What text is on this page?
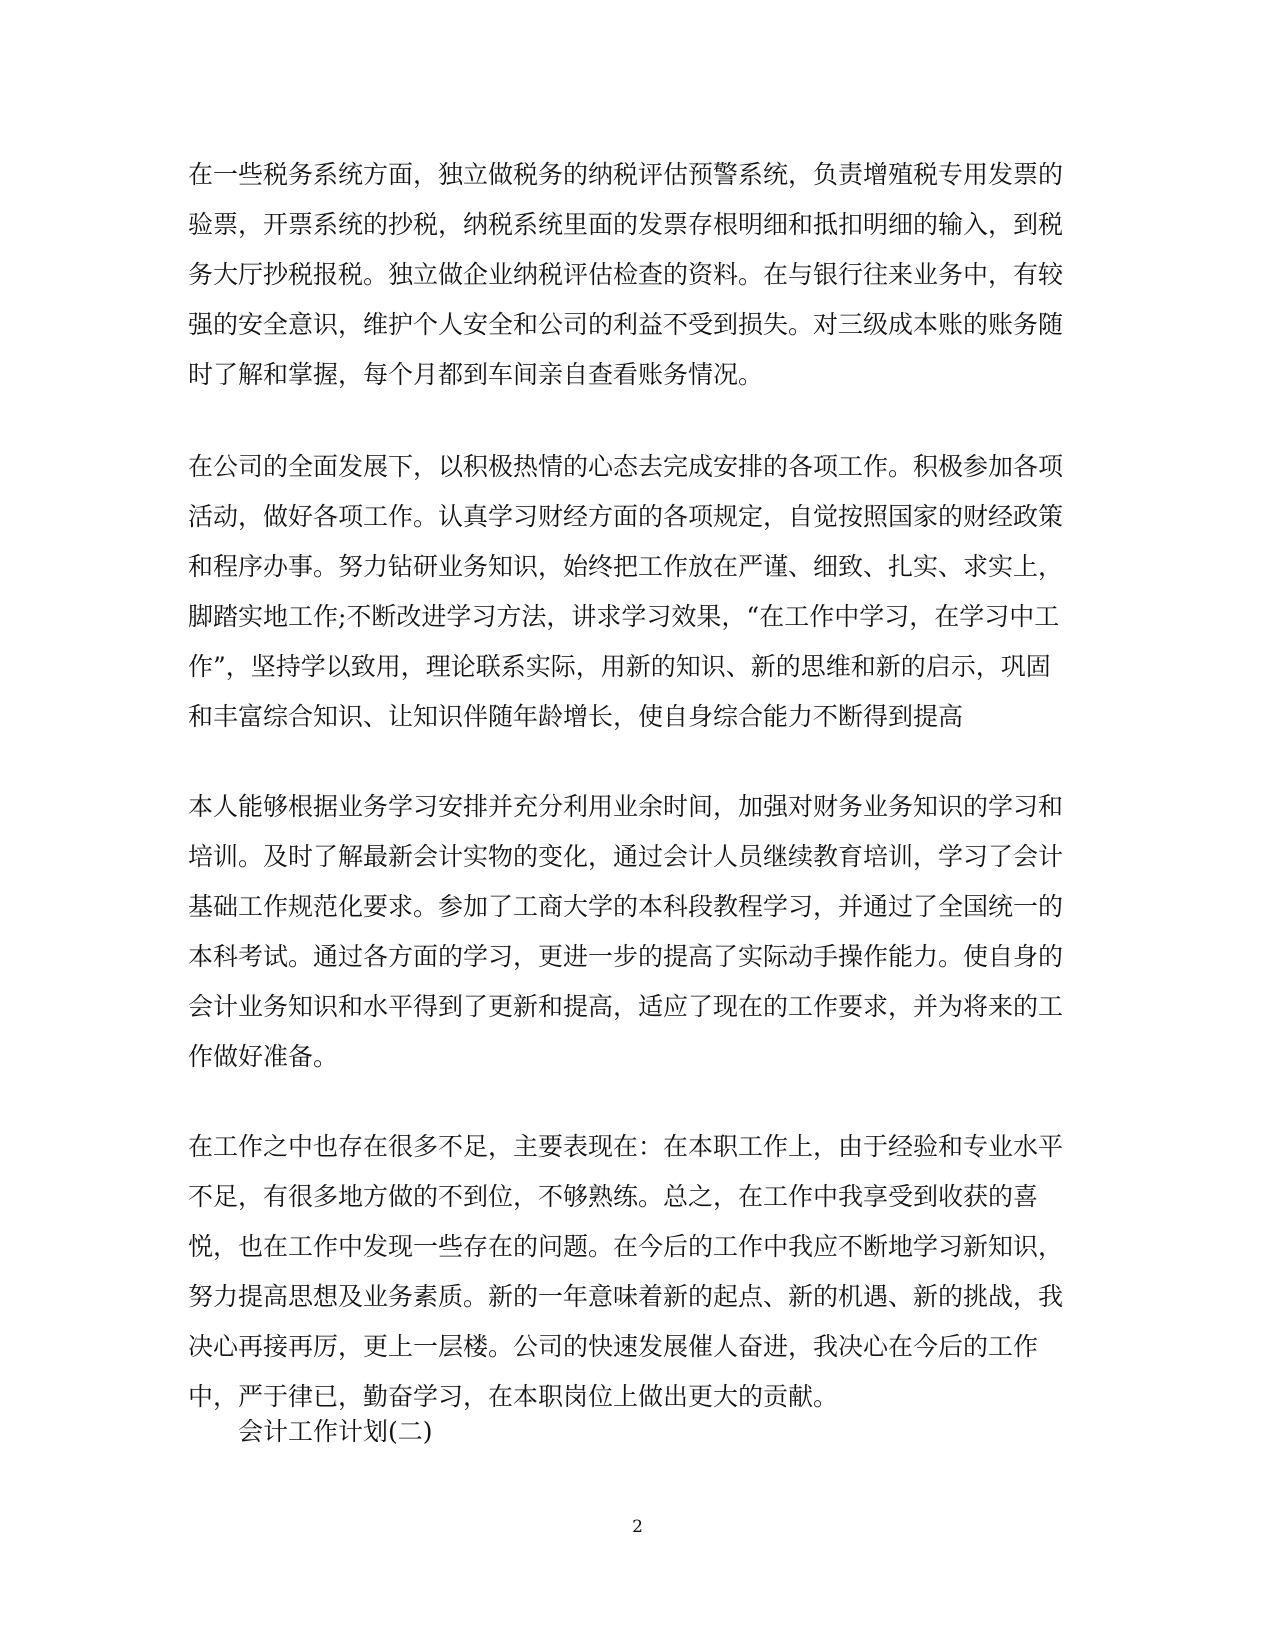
在一些税务系统方面，独立做税务的纳税评估预警系统，负责增殖税专用发票的验票，开票系统的抄税，纳税系统里面的发票存根明细和抵扣明细的输入，到税务大厅抄税报税。独立做企业纳税评估检查的资料。在与银行往来业务中，有较强的安全意识，维护个人安全和公司的利益不受到损失。对三级成本账的账务随时了解和掌握，每个月都到车间亲自查看账务情况。
在公司的全面发展下，以积极热情的心态去完成安排的各项工作。积极参加各项活动，做好各项工作。认真学习财经方面的各项规定，自觉按照国家的财经政策和程序办事。努力钻研业务知识，始终把工作放在严谨、细致、扎实、求实上，脚踏实地工作;不断改进学习方法，讲求学习效果，“在工作中学习，在学习中工作”，坚持学以致用，理论联系实际，用新的知识、新的思维和新的启示，巩固和丰富综合知识、让知识伴随年龄增长，使自身综合能力不断得到提高
本人能够根据业务学习安排并充分利用业余时间，加强对财务业务知识的学习和培训。及时了解最新会计实物的变化，通过会计人员继续教育培训，学习了会计基础工作规范化要求。参加了工商大学的本科段教程学习，并通过了全国统一的本科考试。通过各方面的学习，更进一步的提高了实际动手操作能力。使自身的会计业务知识和水平得到了更新和提高，适应了现在的工作要求，并为将来的工作做好准备。
在工作之中也存在很多不足，主要表现在：在本职工作上，由于经验和专业水平不足，有很多地方做的不到位，不够熟练。总之，在工作中我享受到收获的喜悦，也在工作中发现一些存在的问题。在今后的工作中我应不断地学习新知识，努力提高思想及业务素质。新的一年意味着新的起点、新的机遇、新的挑战，我决心再接再厉，更上一层楼。公司的快速发展催人奋进，我决心在今后的工作中，严于律已，勤奋学习，在本职岗位上做出更大的贡献。
会计工作计划(二)
2
